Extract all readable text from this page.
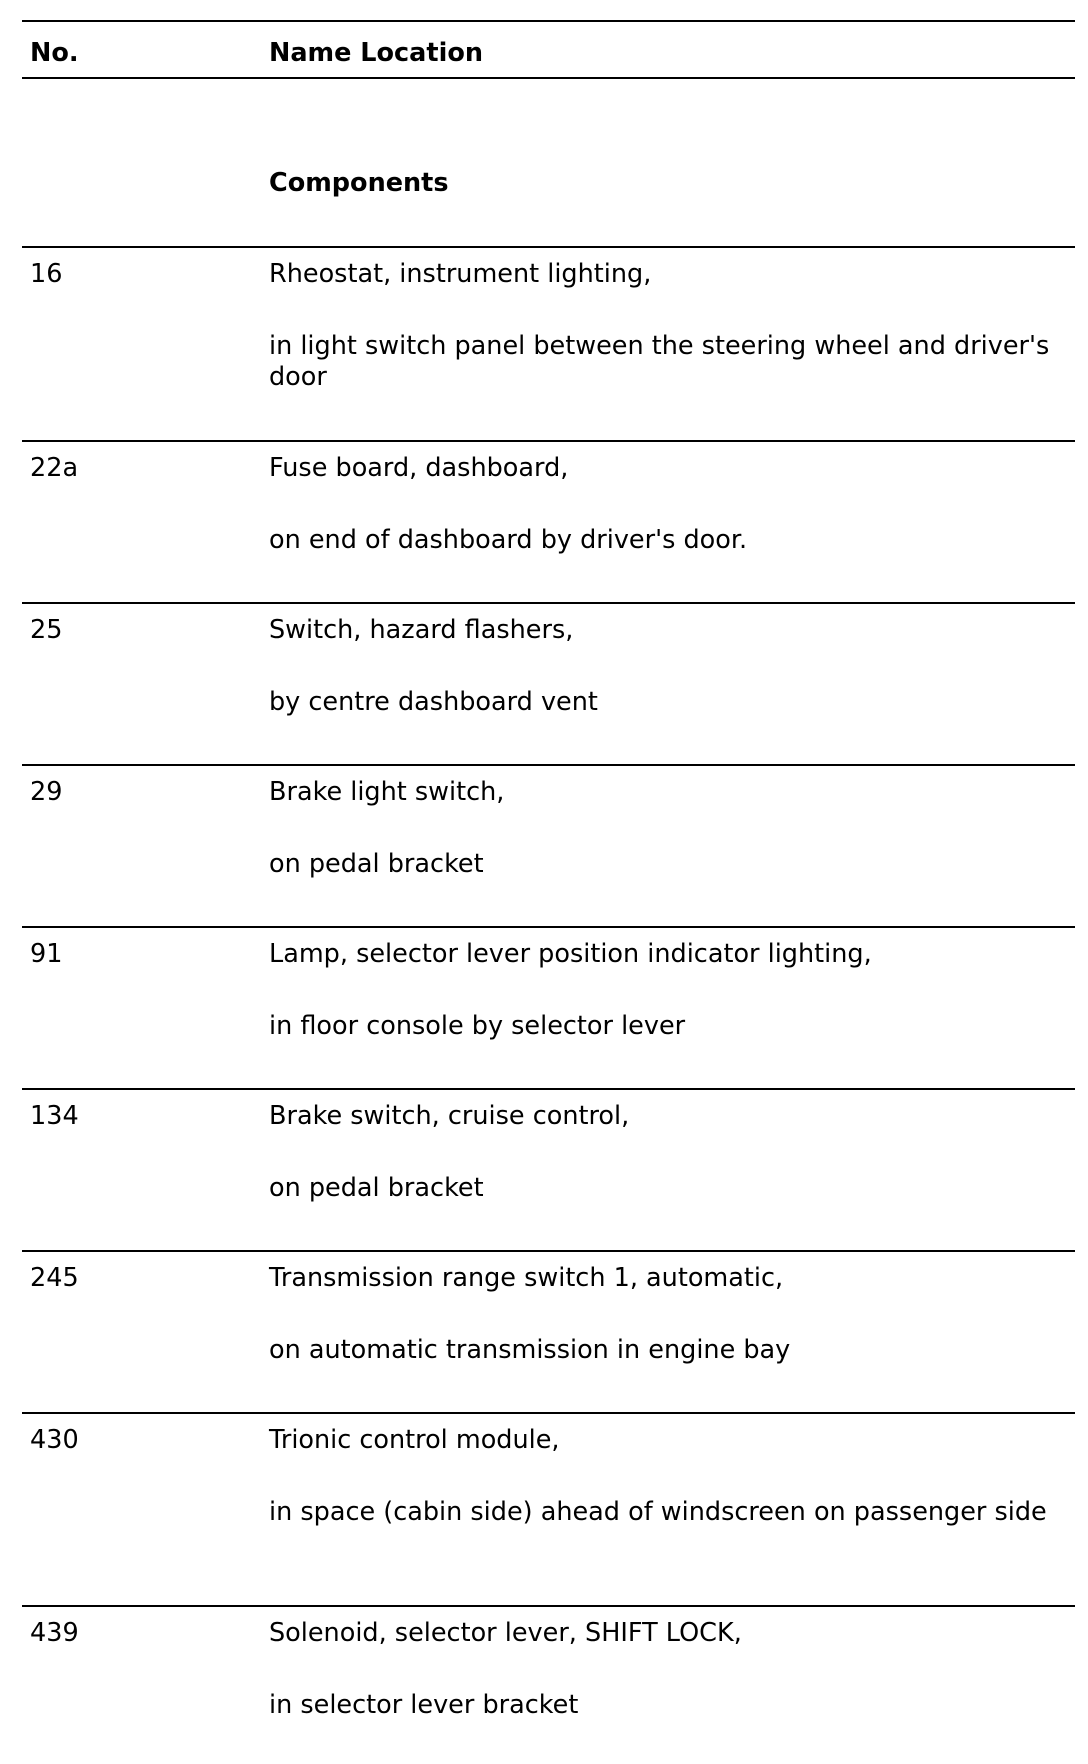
No.	Name Location
Components
16	Rheostat, instrument lighting,
in light switch panel between the steering wheel and driver's door
22a	Fuse board, dashboard,
on end of dashboard by driver's door.
25	Switch, hazard flashers,
by centre dashboard vent
29	Brake light switch,
on pedal bracket
91	Lamp, selector lever position indicator lighting,
in floor console by selector lever
134	Brake switch, cruise control,
on pedal bracket
245	Transmission range switch 1, automatic,
on automatic transmission in engine bay
430	Trionic control module,
in space (cabin side) ahead of windscreen on passenger side
439	Solenoid, selector lever, SHIFT LOCK,
in selector lever bracket
